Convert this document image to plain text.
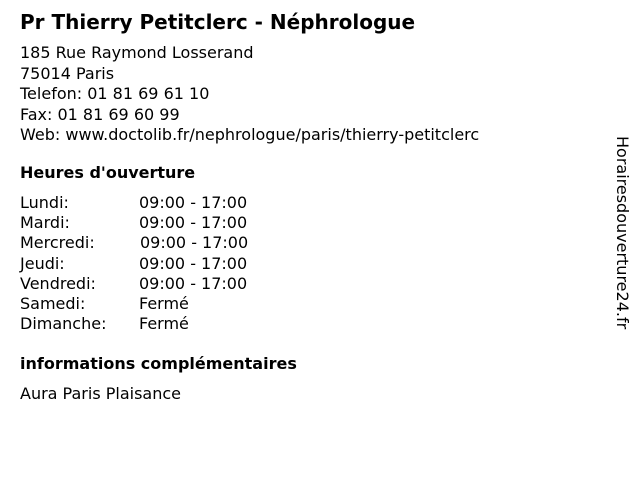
Pr Thierry Petitclerc - Néphrologue
185 Rue Raymond Losserand
75014 Paris
Telefon: 01 81 69 61 10
Fax: 01 81 69 60 99
Web: www.doctolib.fr/nephrologue/paris/thierry-petitclerc
Heures d'ouverture
Lundi:	09:00 - 17:00
Mardi:	09:00 - 17:00
Mercredi:	09:00 - 17:00
Jeudi:	09:00 - 17:00
Vendredi:	09:00 - 17:00
Samedi:	Fermé
Dimanche: Fermé
informations complémentaires
Aura Paris Plaisance
Horairesdouverture24.fr
